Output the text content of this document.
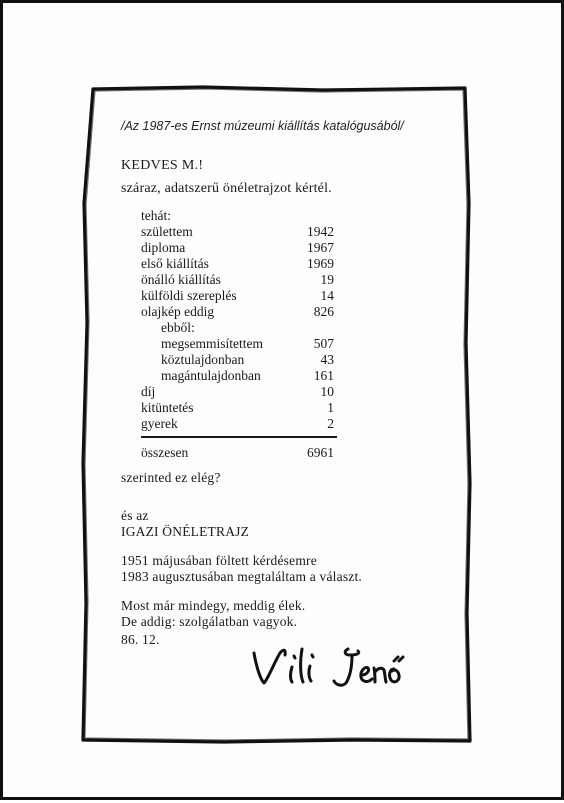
/Az 1987-es Ernst múzeumi kiállítás katalógusából/
KEDVES M.!
száraz, adatszerű önéletrajzot kértél.
tehát:
születtem	1942
diploma	1967
első kiállítás	1969
önálló kiállítás	19
külföldi szereplés	14
olajkép eddig	826
ebből:
megsemmisítettem	507
köztulajdonban	43
magántulajdonban	161
díj	10
kitüntetés	1
gyerek	2
összesen	6961
szerinted ez elég?
és az
IGAZI ÖNÉLETRAJZ
1951 májusában föltett kérdésemre
1983 augusztusában megtaláltam a választ.
Most már mindegy, meddig élek.
De addig: szolgálatban vagyok.
86. 12.
